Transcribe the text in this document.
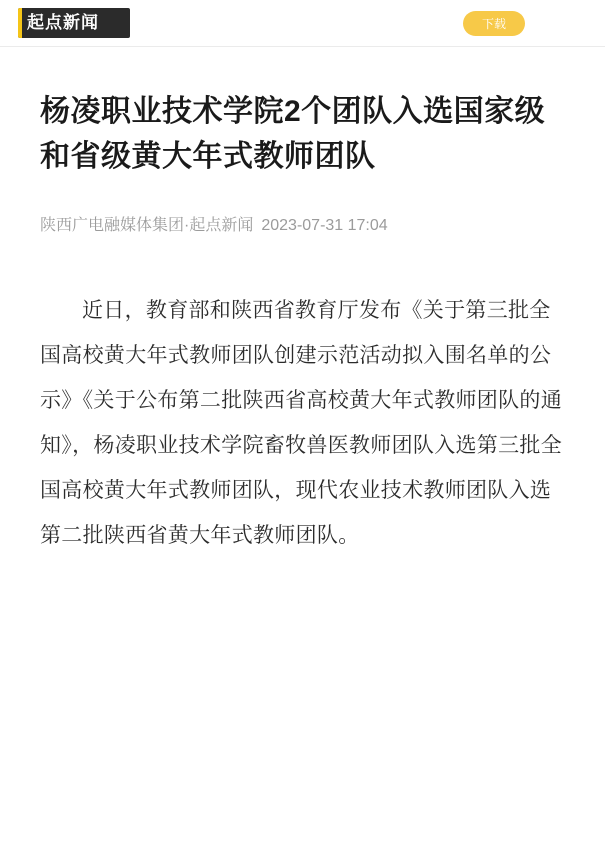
起点新闻	下载
杨凌职业技术学院2个团队入选国家级和省级黄大年式教师团队
陕西广电融媒体集团·起点新闻 2023-07-31 17:04

近日，教育部和陕西省教育厅发布《关于第三批全国高校黄大年式教师团队创建示范活动拟入围名单的公示》《关于公布第二批陕西省高校黄大年式教师团队的通知》，杨凌职业技术学院畜牧兽医教师团队入选第三批全国高校黄大年式教师团队，现代农业技术教师团队入选第二批陕西省黄大年式教师团队。
